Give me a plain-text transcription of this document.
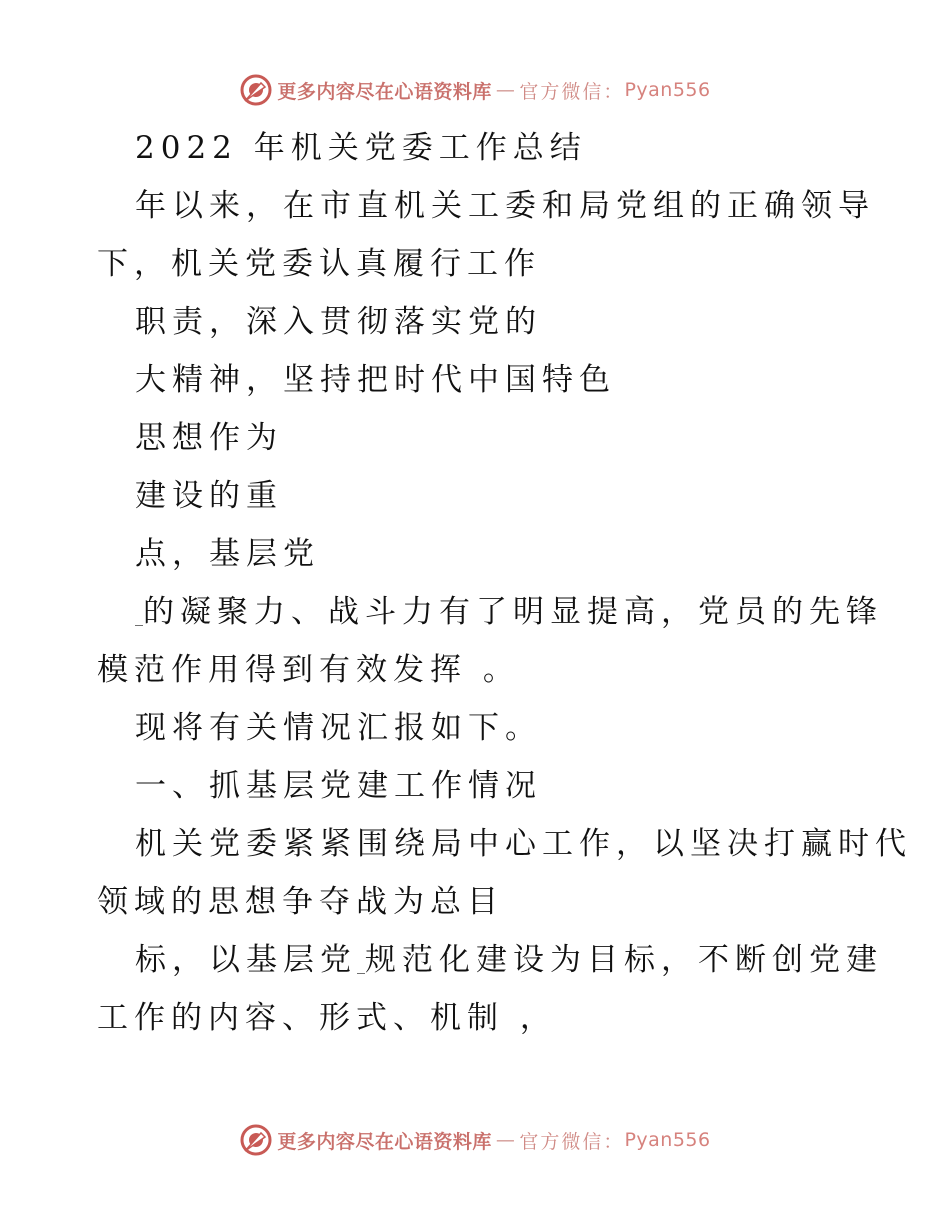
更多内容尽在心语资料库 — 官方微信： Pyan556
2022 年机关党委工作总结
年以来，在市直机关工委和局党组的正确领导
下，机关党委认真履行工作
职责，深入贯彻落实党的
大精神，坚持把时代中国特色
思想作为
建设的重
点，基层党
_的凝聚力、战斗力有了明显提高，党员的先锋
模范作用得到有效发挥 。
现将有关情况汇报如下。
一、抓基层党建工作情况
机关党委紧紧围绕局中心工作，以坚决打赢时代
领域的思想争夺战为总目
标，以基层党_规范化建设为目标，不断创党建
工作的内容、形式、机制 ，
更多内容尽在心语资料库 — 官方微信： Pyan556
